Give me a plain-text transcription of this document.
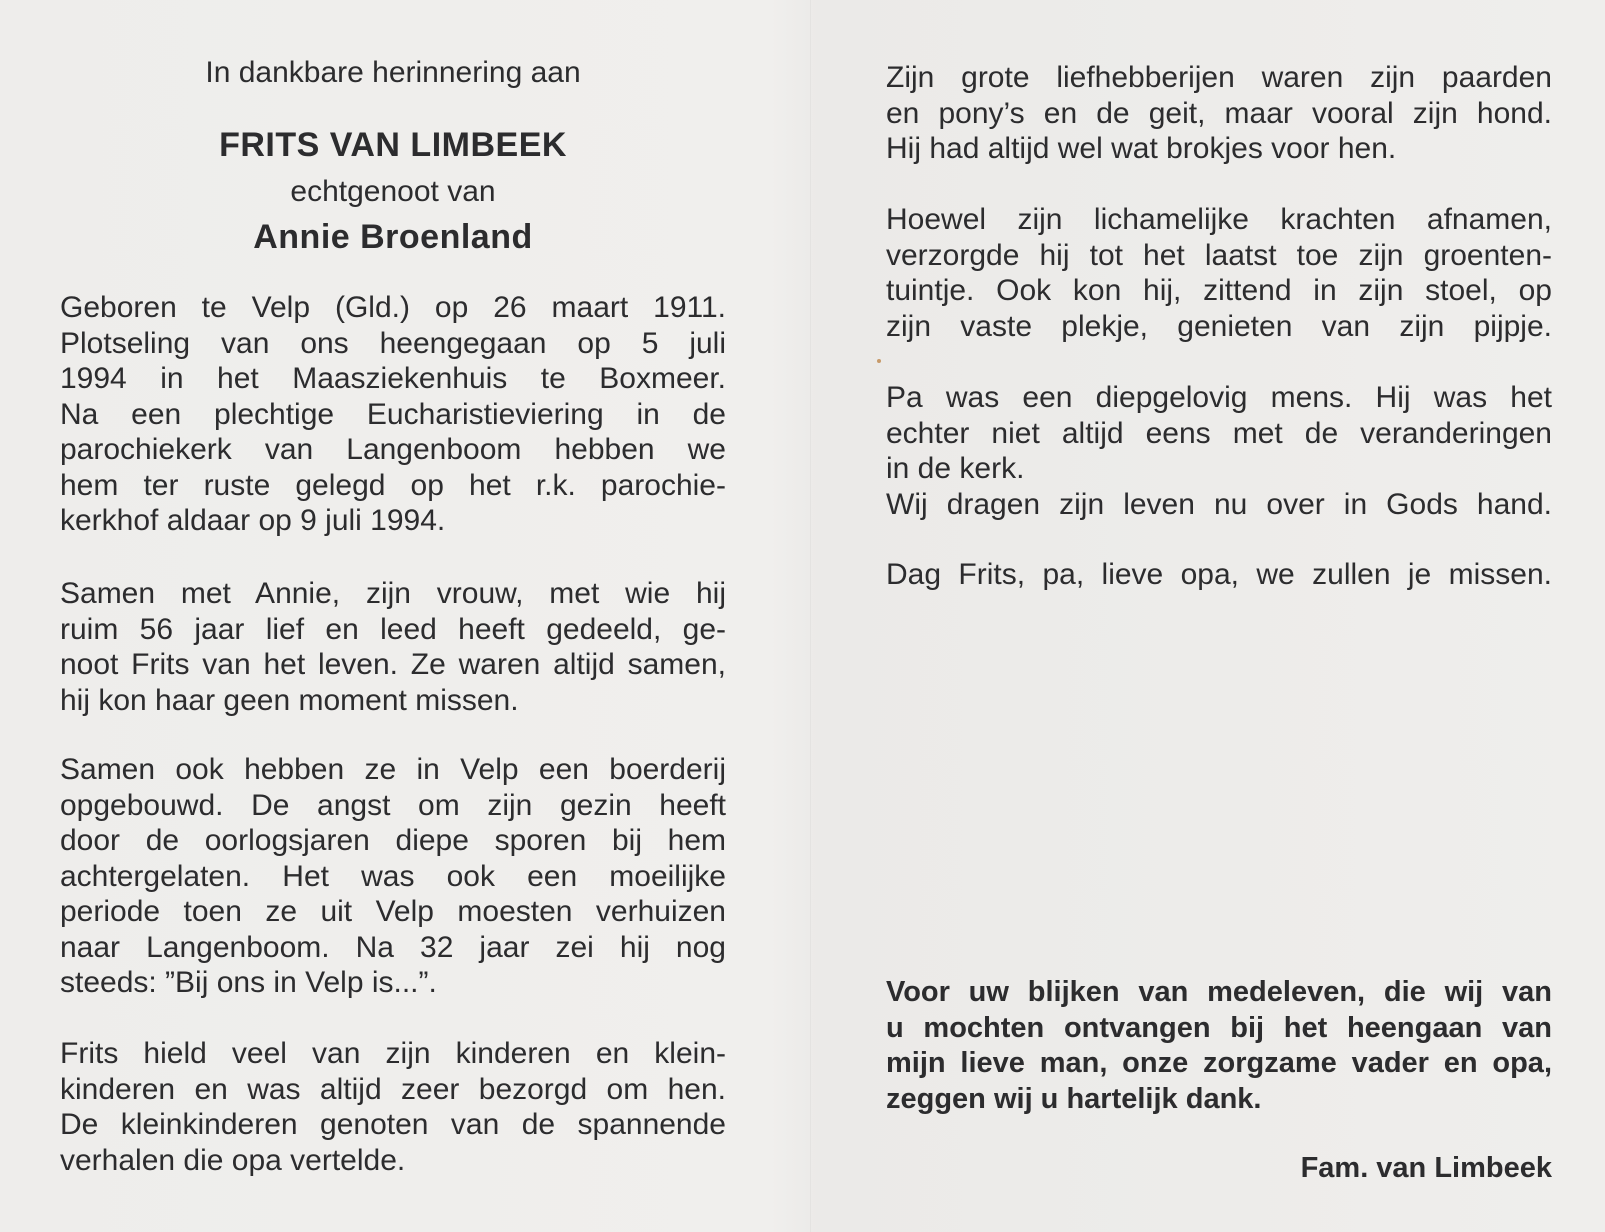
In dankbare herinnering aan
FRITS VAN LIMBEEK
echtgenoot van
Annie Broenland
Geboren te Velp (Gld.) op 26 maart 1911.
Plotseling van ons heengegaan op 5 juli
1994 in het Maasziekenhuis te Boxmeer.
Na een plechtige Eucharistieviering in de
parochiekerk van Langenboom hebben we
hem ter ruste gelegd op het r.k. parochie-
kerkhof aldaar op 9 juli 1994.
Samen met Annie, zijn vrouw, met wie hij
ruim 56 jaar lief en leed heeft gedeeld, ge-
noot Frits van het leven. Ze waren altijd samen,
hij kon haar geen moment missen.
Samen ook hebben ze in Velp een boerderij
opgebouwd. De angst om zijn gezin heeft
door de oorlogsjaren diepe sporen bij hem
achtergelaten. Het was ook een moeilijke
periode toen ze uit Velp moesten verhuizen
naar Langenboom. Na 32 jaar zei hij nog
steeds: ”Bij ons in Velp is...”.
Frits hield veel van zijn kinderen en klein-
kinderen en was altijd zeer bezorgd om hen.
De kleinkinderen genoten van de spannende
verhalen die opa vertelde.
Zijn grote liefhebberijen waren zijn paarden
en pony’s en de geit, maar vooral zijn hond.
Hij had altijd wel wat brokjes voor hen.
Hoewel zijn lichamelijke krachten afnamen,
verzorgde hij tot het laatst toe zijn groenten-
tuintje. Ook kon hij, zittend in zijn stoel, op
zijn vaste plekje, genieten van zijn pijpje.
Pa was een diepgelovig mens. Hij was het
echter niet altijd eens met de veranderingen
in de kerk.
Wij dragen zijn leven nu over in Gods hand.
Dag Frits, pa, lieve opa, we zullen je missen.
Voor uw blijken van medeleven, die wij van
u mochten ontvangen bij het heengaan van
mijn lieve man, onze zorgzame vader en opa,
zeggen wij u hartelijk dank.
Fam. van Limbeek
